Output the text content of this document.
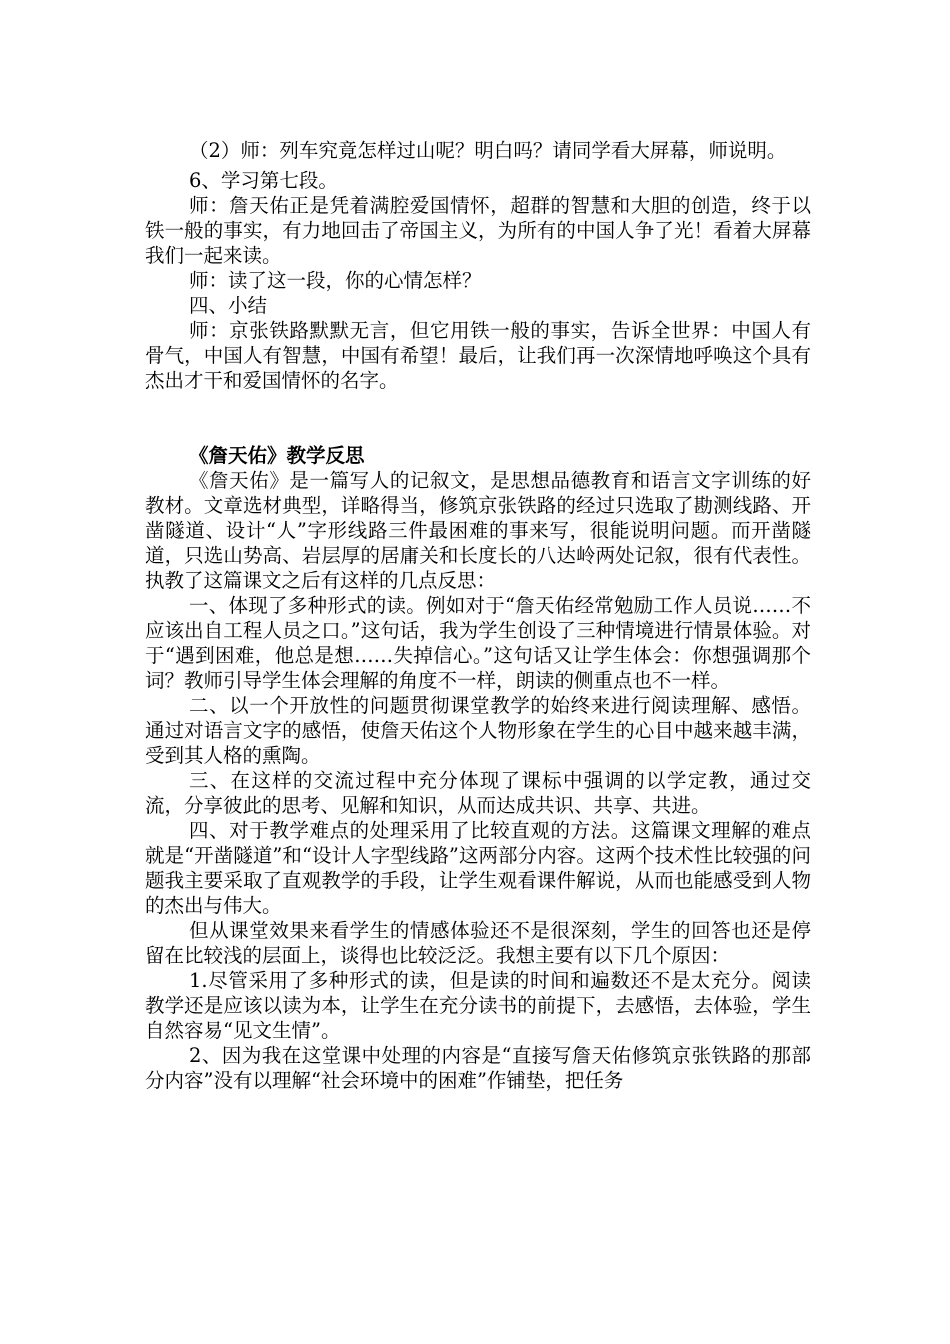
（2）师：列车究竟怎样过山呢？明白吗？请同学看大屏幕，师说明。

6、学习第七段。

师：詹天佑正是凭着满腔爱国情怀，超群的智慧和大胆的创造，终于以铁一般的事实，有力地回击了帝国主义，为所有的中国人争了光！看着大屏幕我们一起来读。

师：读了这一段，你的心情怎样？

四、小结

师：京张铁路默默无言，但它用铁一般的事实，告诉全世界：中国人有骨气，中国人有智慧，中国有希望！最后，让我们再一次深情地呼唤这个具有杰出才干和爱国情怀的名字。

《詹天佑》教学反思

《詹天佑》是一篇写人的记叙文，是思想品德教育和语言文字训练的好教材。文章选材典型，详略得当，修筑京张铁路的经过只选取了勘测线路、开凿隧道、设计“人”字形线路三件最困难的事来写，很能说明问题。而开凿隧道，只选山势高、岩层厚的居庸关和长度长的八达岭两处记叙，很有代表性。执教了这篇课文之后有这样的几点反思：

一、体现了多种形式的读。例如对于“詹天佑经常勉励工作人员说……不应该出自工程人员之口。”这句话，我为学生创设了三种情境进行情景体验。对于“遇到困难，他总是想……失掉信心。”这句话又让学生体会：你想强调那个词？教师引导学生体会理解的角度不一样，朗读的侧重点也不一样。

二、以一个开放性的问题贯彻课堂教学的始终来进行阅读理解、感悟。通过对语言文字的感悟，使詹天佑这个人物形象在学生的心目中越来越丰满，受到其人格的熏陶。

三、在这样的交流过程中充分体现了课标中强调的以学定教，通过交流，分享彼此的思考、见解和知识，从而达成共识、共享、共进。

四、对于教学难点的处理采用了比较直观的方法。这篇课文理解的难点就是“开凿隧道”和“设计人字型线路”这两部分内容。这两个技术性比较强的问题我主要采取了直观教学的手段，让学生观看课件解说，从而也能感受到人物的杰出与伟大。

但从课堂效果来看学生的情感体验还不是很深刻，学生的回答也还是停留在比较浅的层面上，谈得也比较泛泛。我想主要有以下几个原因：

1.尽管采用了多种形式的读，但是读的时间和遍数还不是太充分。阅读教学还是应该以读为本，让学生在充分读书的前提下，去感悟，去体验，学生自然容易“见文生情”。

2、因为我在这堂课中处理的内容是“直接写詹天佑修筑京张铁路的那部分内容”没有以理解“社会环境中的困难”作铺垫，把任务
